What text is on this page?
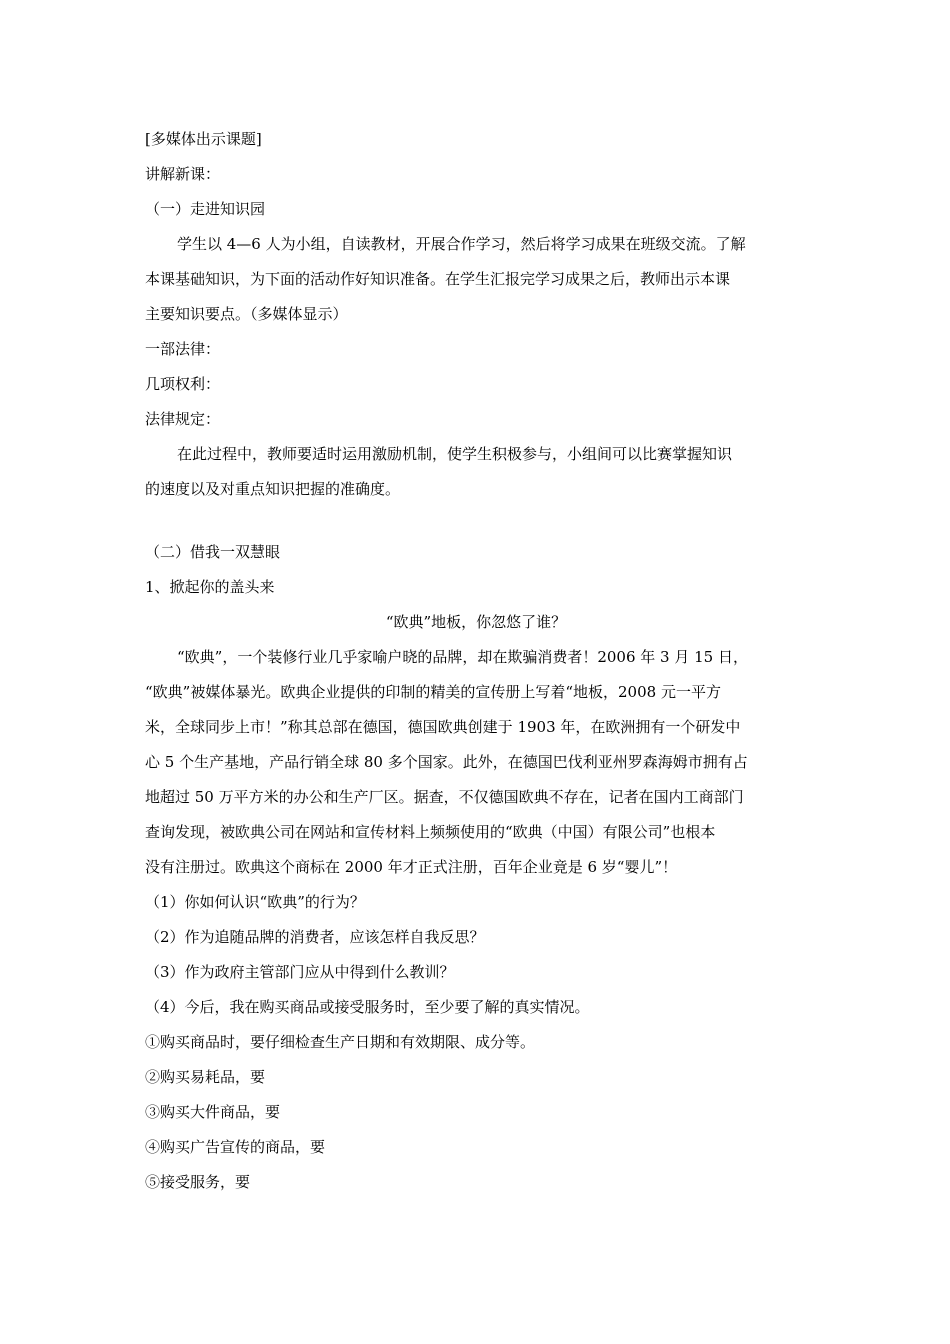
[多媒体出示课题]

讲解新课：

（一）走进知识园

学生以 4—6 人为小组，自读教材，开展合作学习，然后将学习成果在班级交流。了解

本课基础知识，为下面的活动作好知识准备。在学生汇报完学习成果之后，教师出示本课

主要知识要点。（多媒体显示）

一部法律：

几项权利：

法律规定：

在此过程中，教师要适时运用激励机制，使学生积极参与，小组间可以比赛掌握知识

的速度以及对重点知识把握的准确度。

（二）借我一双慧眼

1、掀起你的盖头来

“欧典”地板，你忽悠了谁？

“欧典”，一个装修行业几乎家喻户晓的品牌，却在欺骗消费者！2006 年 3 月 15 日，

“欧典”被媒体暴光。欧典企业提供的印制的精美的宣传册上写着“地板，2008 元一平方

米，全球同步上市！”称其总部在德国，德国欧典创建于 1903 年，在欧洲拥有一个研发中

心 5 个生产基地，产品行销全球 80 多个国家。此外，在德国巴伐利亚州罗森海姆市拥有占

地超过 50 万平方米的办公和生产厂区。据查，不仅德国欧典不存在，记者在国内工商部门

查询发现，被欧典公司在网站和宣传材料上频频使用的“欧典（中国）有限公司”也根本

没有注册过。欧典这个商标在 2000 年才正式注册，百年企业竟是 6 岁“婴儿”！

（1）你如何认识“欧典”的行为？

（2）作为追随品牌的消费者，应该怎样自我反思？

（3）作为政府主管部门应从中得到什么教训？

（4）今后，我在购买商品或接受服务时，至少要了解的真实情况。

①购买商品时，要仔细检查生产日期和有效期限、成分等。

②购买易耗品，要

③购买大件商品，要

④购买广告宣传的商品，要

⑤接受服务，要
